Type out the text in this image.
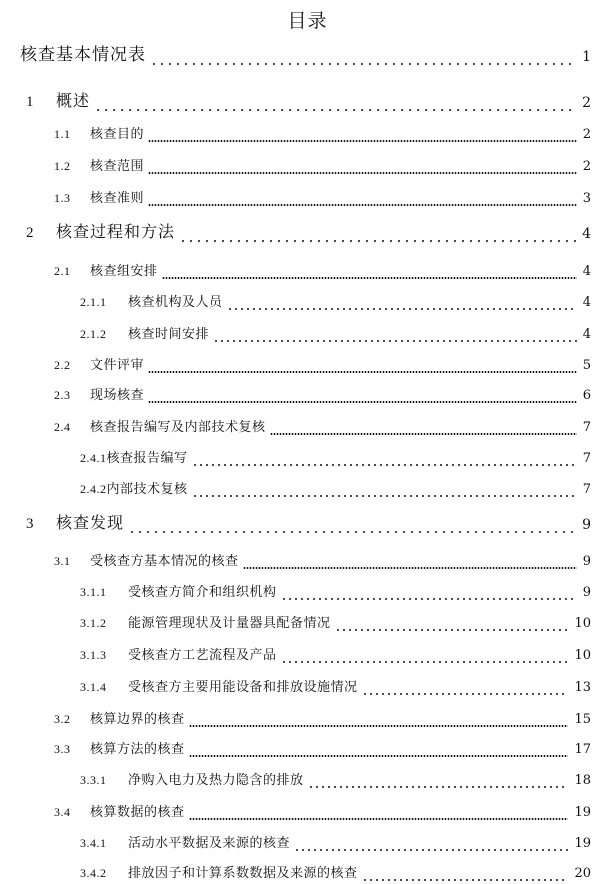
目录
核查基本情况表	1
1 概述	2
1.1 核查目的	2
1.2 核查范围	2
1.3 核查准则	3
2 核查过程和方法	4
2.1 核查组安排	4
2.1.1 核查机构及人员	4
2.1.2 核查时间安排	4
2.2 文件评审	5
2.3 现场核查	6
2.4 核查报告编写及内部技术复核	7
2.4.1核查报告编写	7
2.4.2内部技术复核	7
3 核查发现	9
3.1 受核查方基本情况的核查	9
3.1.1 受核查方简介和组织机构	9
3.1.2 能源管理现状及计量器具配备情况	10
3.1.3 受核查方工艺流程及产品	10
3.1.4 受核查方主要用能设备和排放设施情况	13
3.2 核算边界的核查	15
3.3 核算方法的核查	17
3.3.1 净购入电力及热力隐含的排放	18
3.4 核算数据的核查	19
3.4.1 活动水平数据及来源的核查	19
3.4.2 排放因子和计算系数数据及来源的核查	20
